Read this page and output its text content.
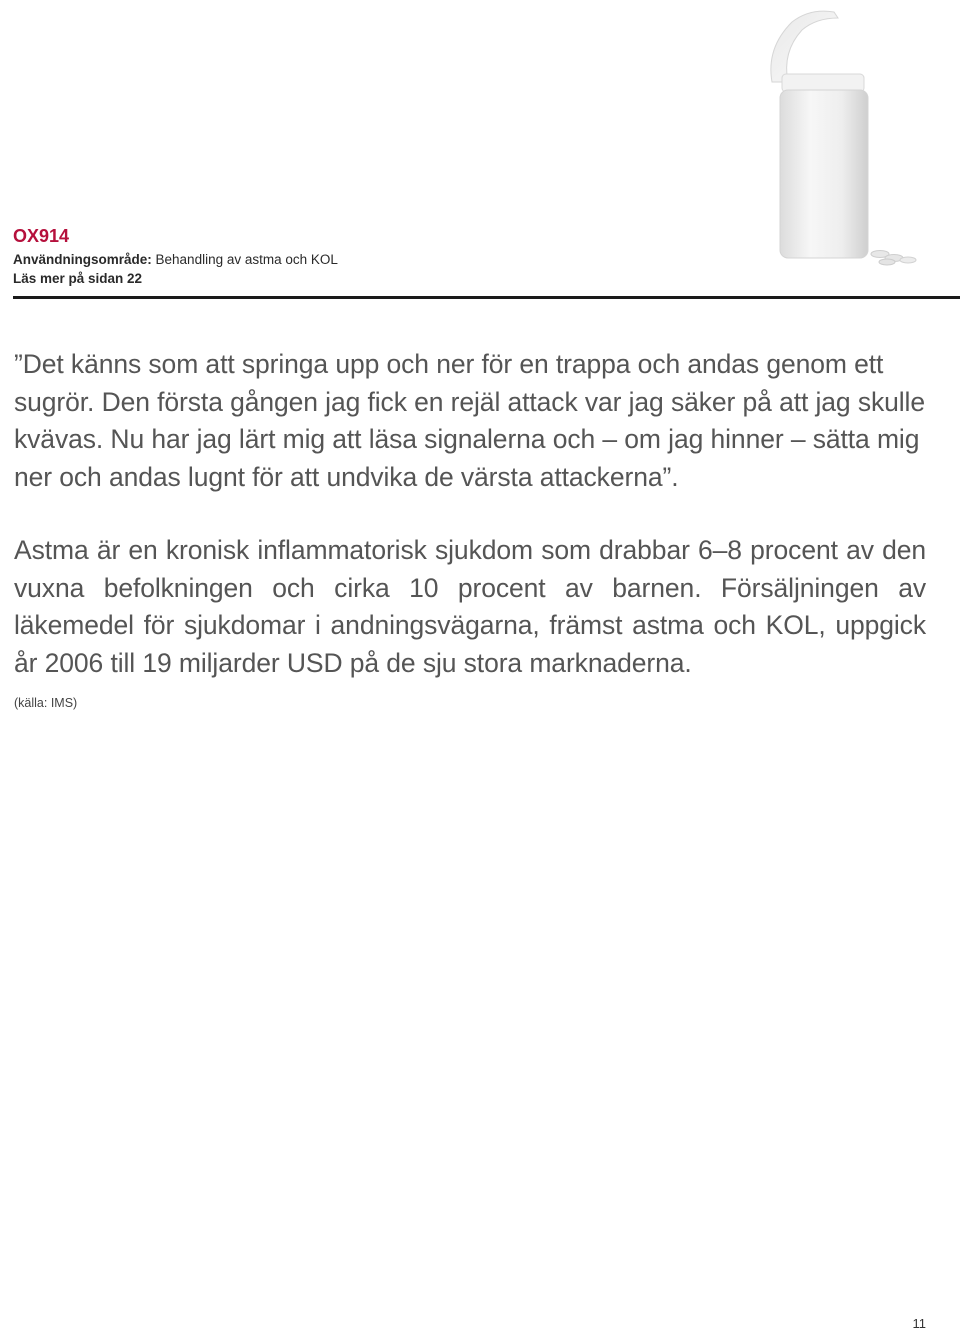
OX914

Användningsområde: Behandling av astma och KOL

Läs mer på sidan 22

”Det känns som att springa upp och ner för en trappa och andas genom ett sugrör. Den första gången jag fick en rejäl attack var jag säker på att jag skulle kvävas. Nu har jag lärt mig att läsa signalerna och – om jag hinner – sätta mig ner och andas lugnt för att undvika de värsta attackerna”.

Astma är en kronisk inflammatorisk sjukdom som drabbar 6–8 procent av den vuxna befolkningen och cirka 10 procent av barnen. Försäljningen av läkemedel för sjukdomar i andningsvägarna, främst astma och KOL, uppgick år 2006 till 19 miljarder USD på de sju stora marknaderna.

(källa: IMS)

11
